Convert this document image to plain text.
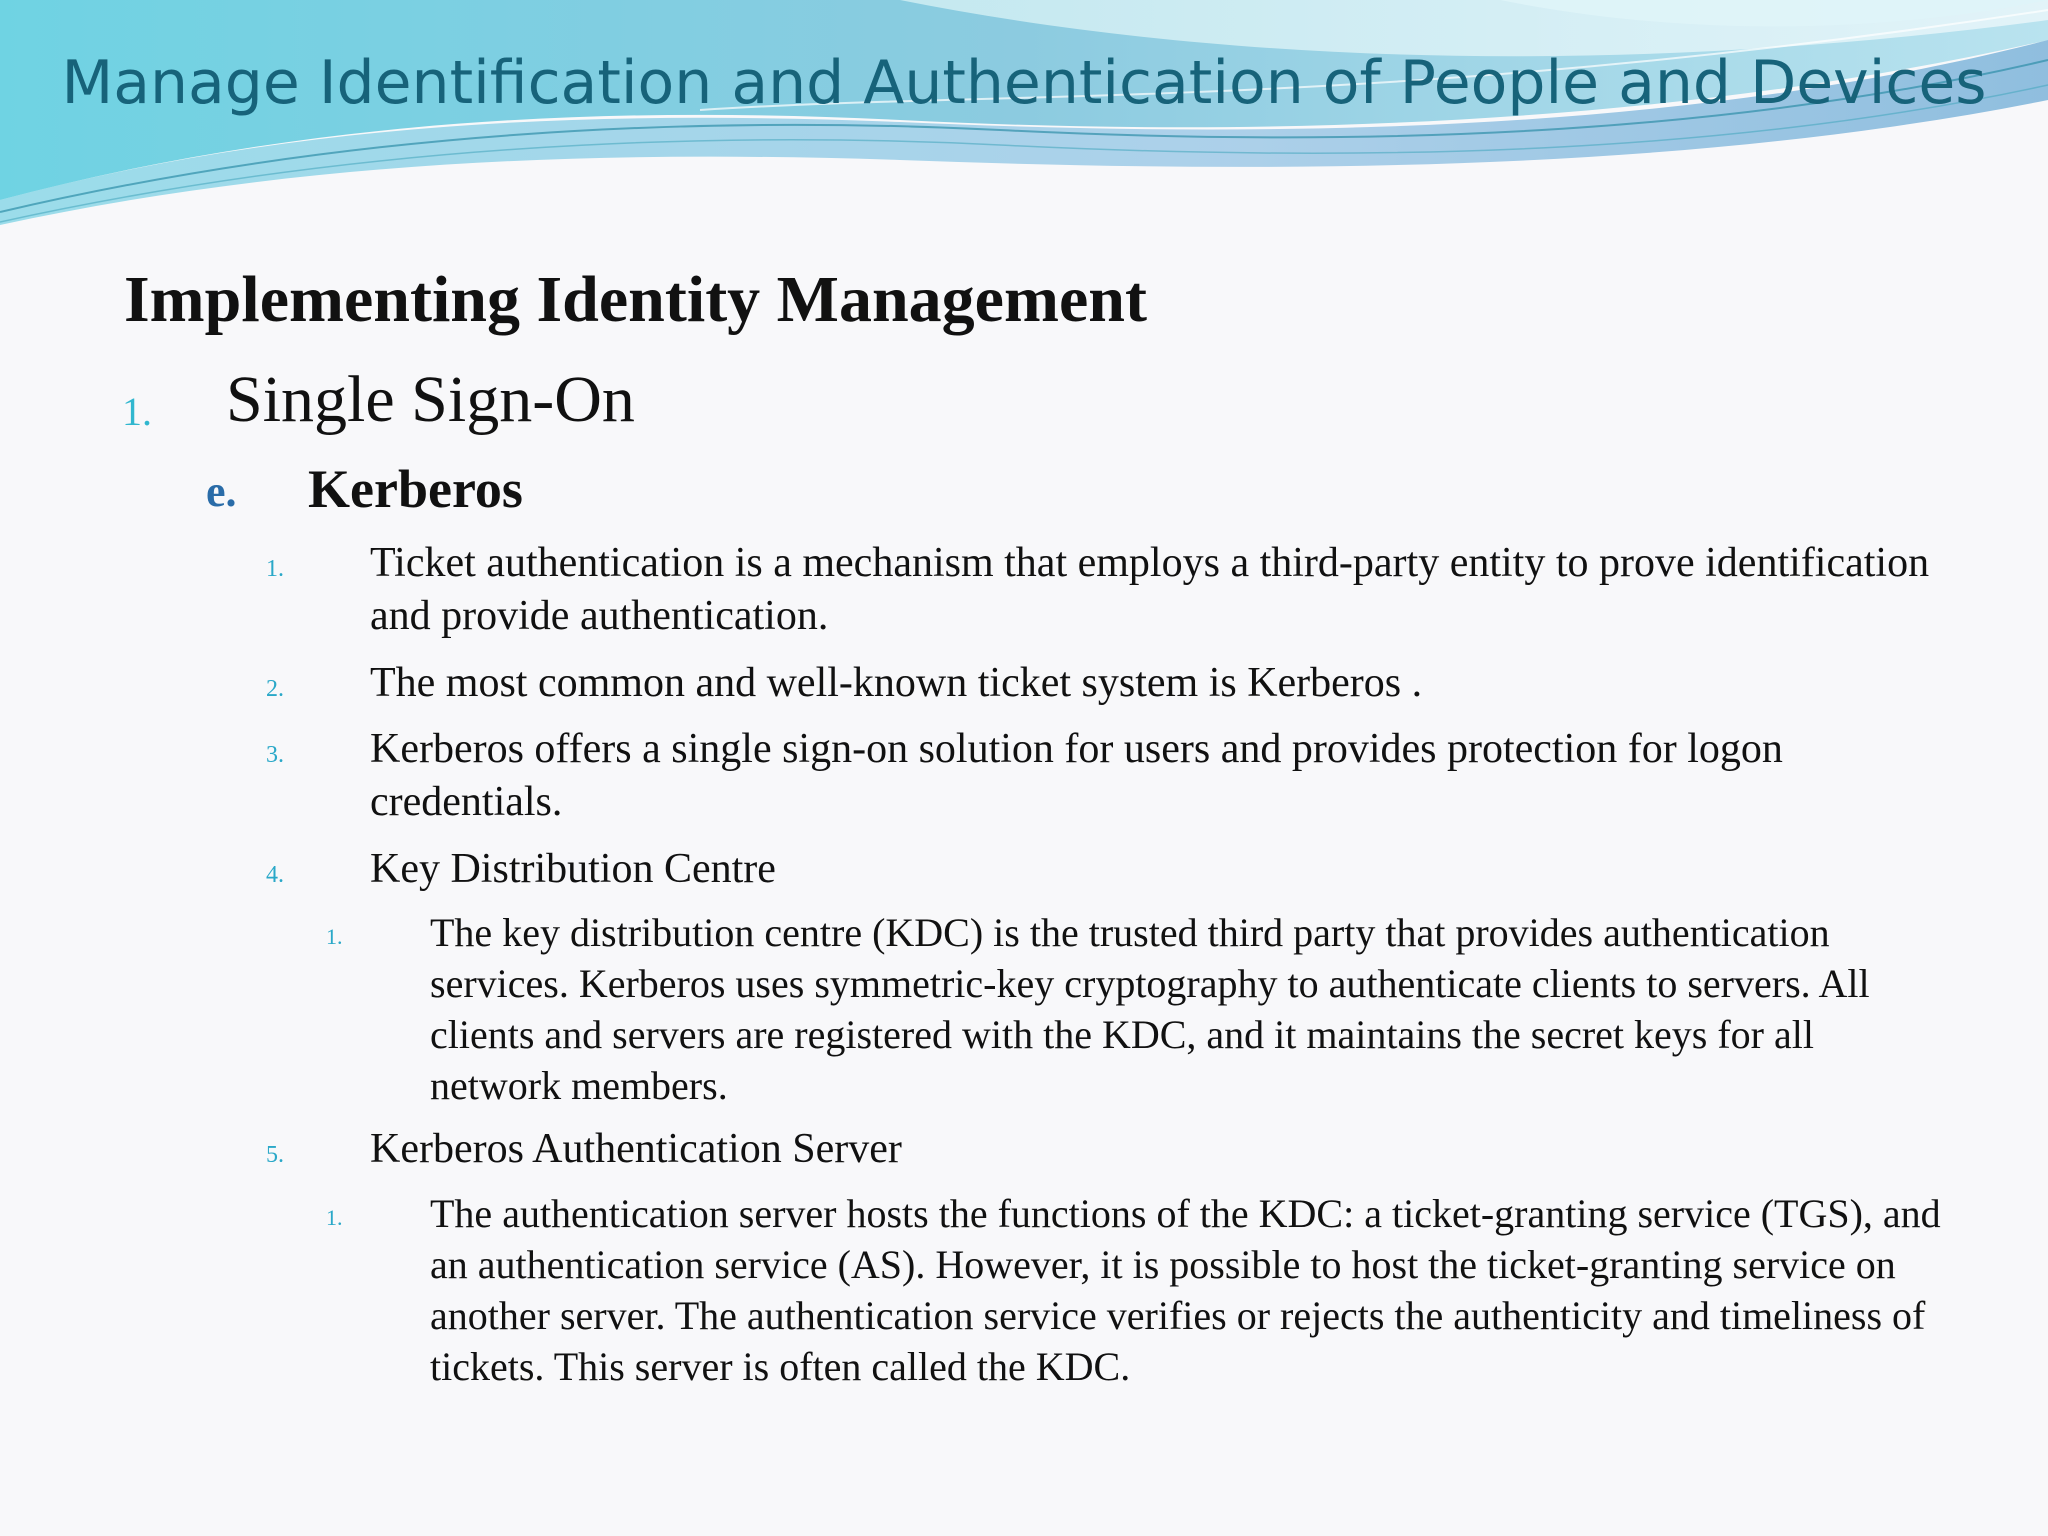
Manage Identification and Authentication of People and Devices
Implementing Identity Management
1. Single Sign-On
e. Kerberos
1. Ticket authentication is a mechanism that employs a third-party entity to prove identification and provide authentication.
2. The most common and well-known ticket system is Kerberos .
3. Kerberos offers a single sign-on solution for users and provides protection for logon credentials.
4. Key Distribution Centre
1. The key distribution centre (KDC) is the trusted third party that provides authentication services. Kerberos uses symmetric-key cryptography to authenticate clients to servers. All clients and servers are registered with the KDC, and it maintains the secret keys for all network members.
5. Kerberos Authentication Server
1. The authentication server hosts the functions of the KDC: a ticket-granting service (TGS), and an authentication service (AS). However, it is possible to host the ticket-granting service on another server. The authentication service verifies or rejects the authenticity and timeliness of tickets. This server is often called the KDC.
